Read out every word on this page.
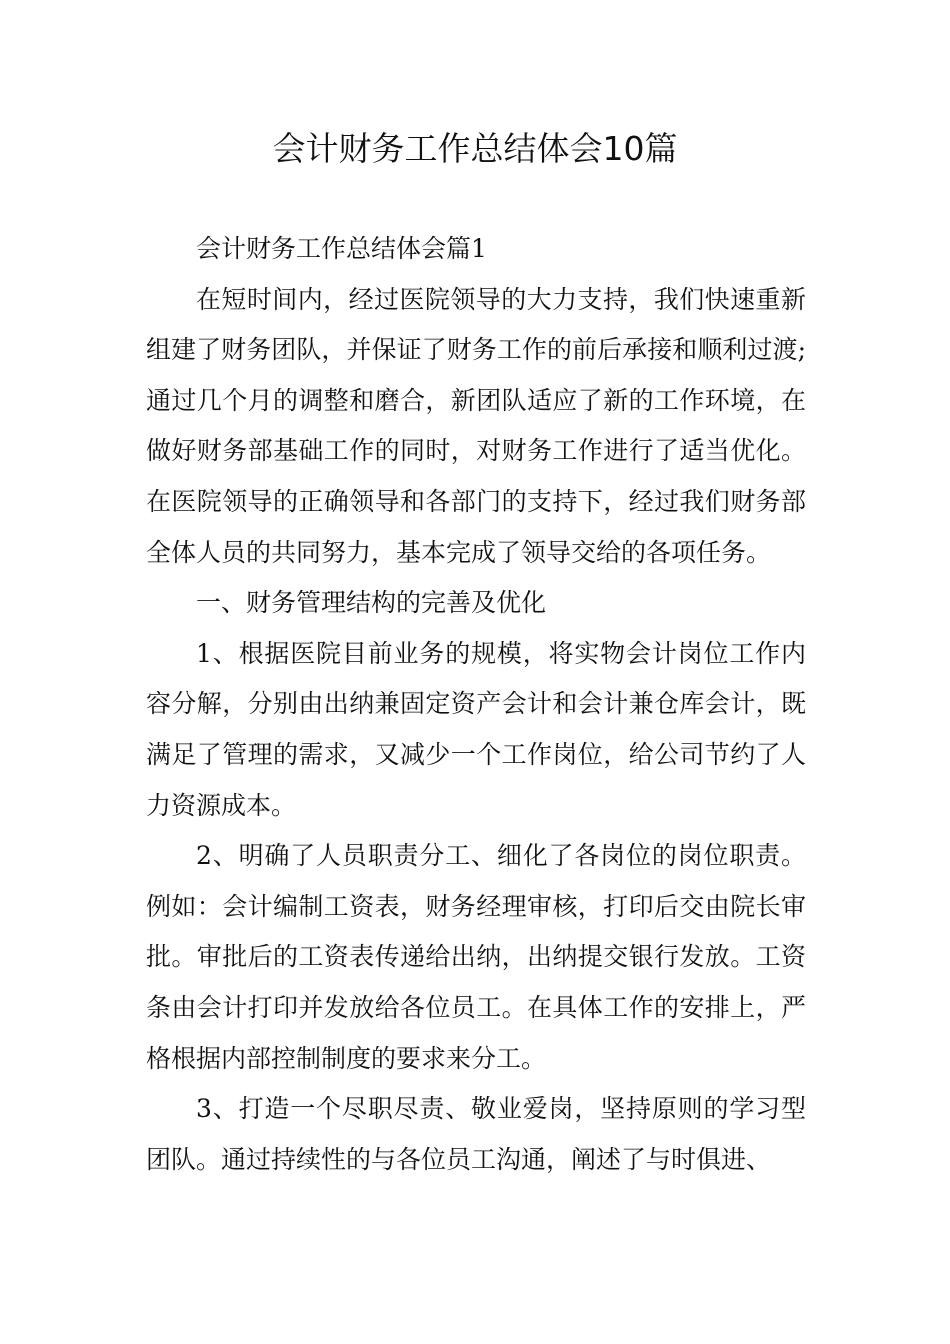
会计财务工作总结体会10篇

会计财务工作总结体会篇1

在短时间内，经过医院领导的大力支持，我们快速重新组建了财务团队，并保证了财务工作的前后承接和顺利过渡;通过几个月的调整和磨合，新团队适应了新的工作环境，在做好财务部基础工作的同时，对财务工作进行了适当优化。在医院领导的正确领导和各部门的支持下，经过我们财务部全体人员的共同努力，基本完成了领导交给的各项任务。

一、财务管理结构的完善及优化

1、根据医院目前业务的规模，将实物会计岗位工作内容分解，分别由出纳兼固定资产会计和会计兼仓库会计，既满足了管理的需求，又减少一个工作岗位，给公司节约了人力资源成本。

2、明确了人员职责分工、细化了各岗位的岗位职责。例如：会计编制工资表，财务经理审核，打印后交由院长审批。审批后的工资表传递给出纳，出纳提交银行发放。工资条由会计打印并发放给各位员工。在具体工作的安排上，严格根据内部控制制度的要求来分工。

3、打造一个尽职尽责、敬业爱岗，坚持原则的学习型团队。通过持续性的与各位员工沟通，阐述了与时俱进、
